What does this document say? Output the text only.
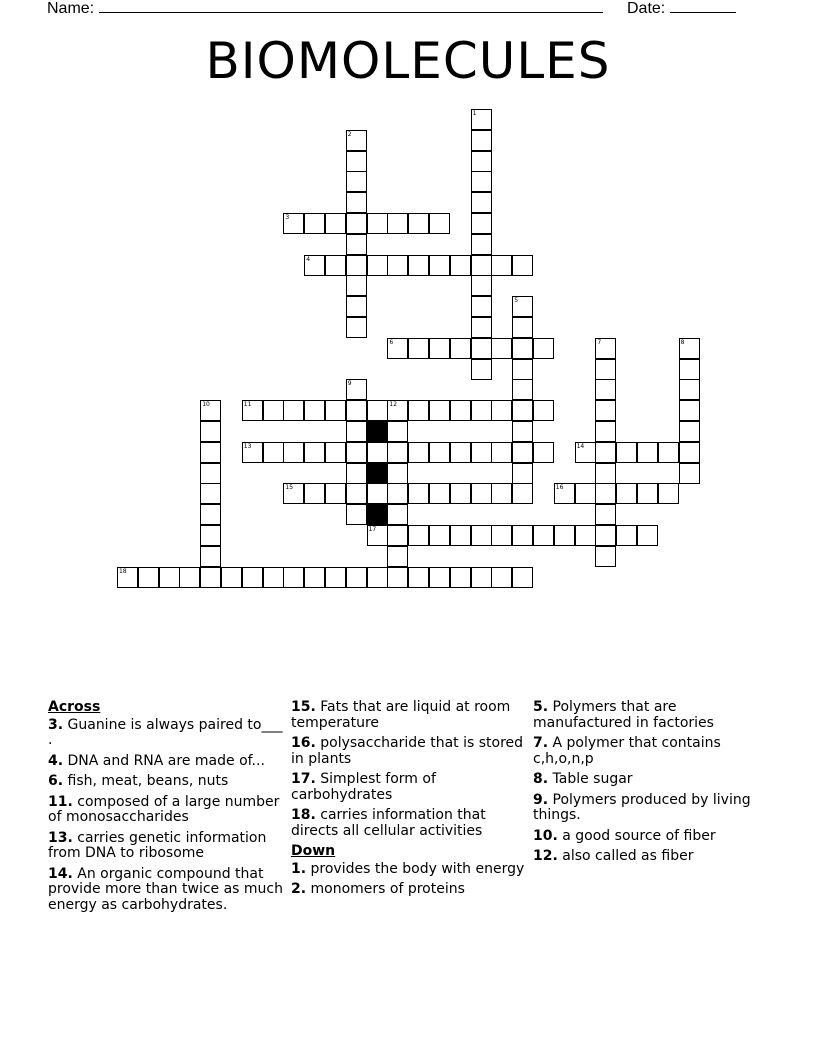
Name:	Date:
BIOMOLECULES
1
2
3
4
5
6	7	8
9
10	11	12
13	14
15	16
17
18
Across
3. Guanine is always paired to___ .
4. DNA and RNA are made of...
6. fish, meat, beans, nuts
11. composed of a large number of monosaccharides
13. carries genetic information from DNA to ribosome
14. An organic compound that provide more than twice as much energy as carbohydrates.
15. Fats that are liquid at room temperature
16. polysaccharide that is stored in plants
17. Simplest form of carbohydrates
18. carries information that directs all cellular activities
Down
1. provides the body with energy
2. monomers of proteins
5. Polymers that are manufactured in factories
7. A polymer that contains c,h,o,n,p
8. Table sugar
9. Polymers produced by living things.
10. a good source of fiber
12. also called as fiber
